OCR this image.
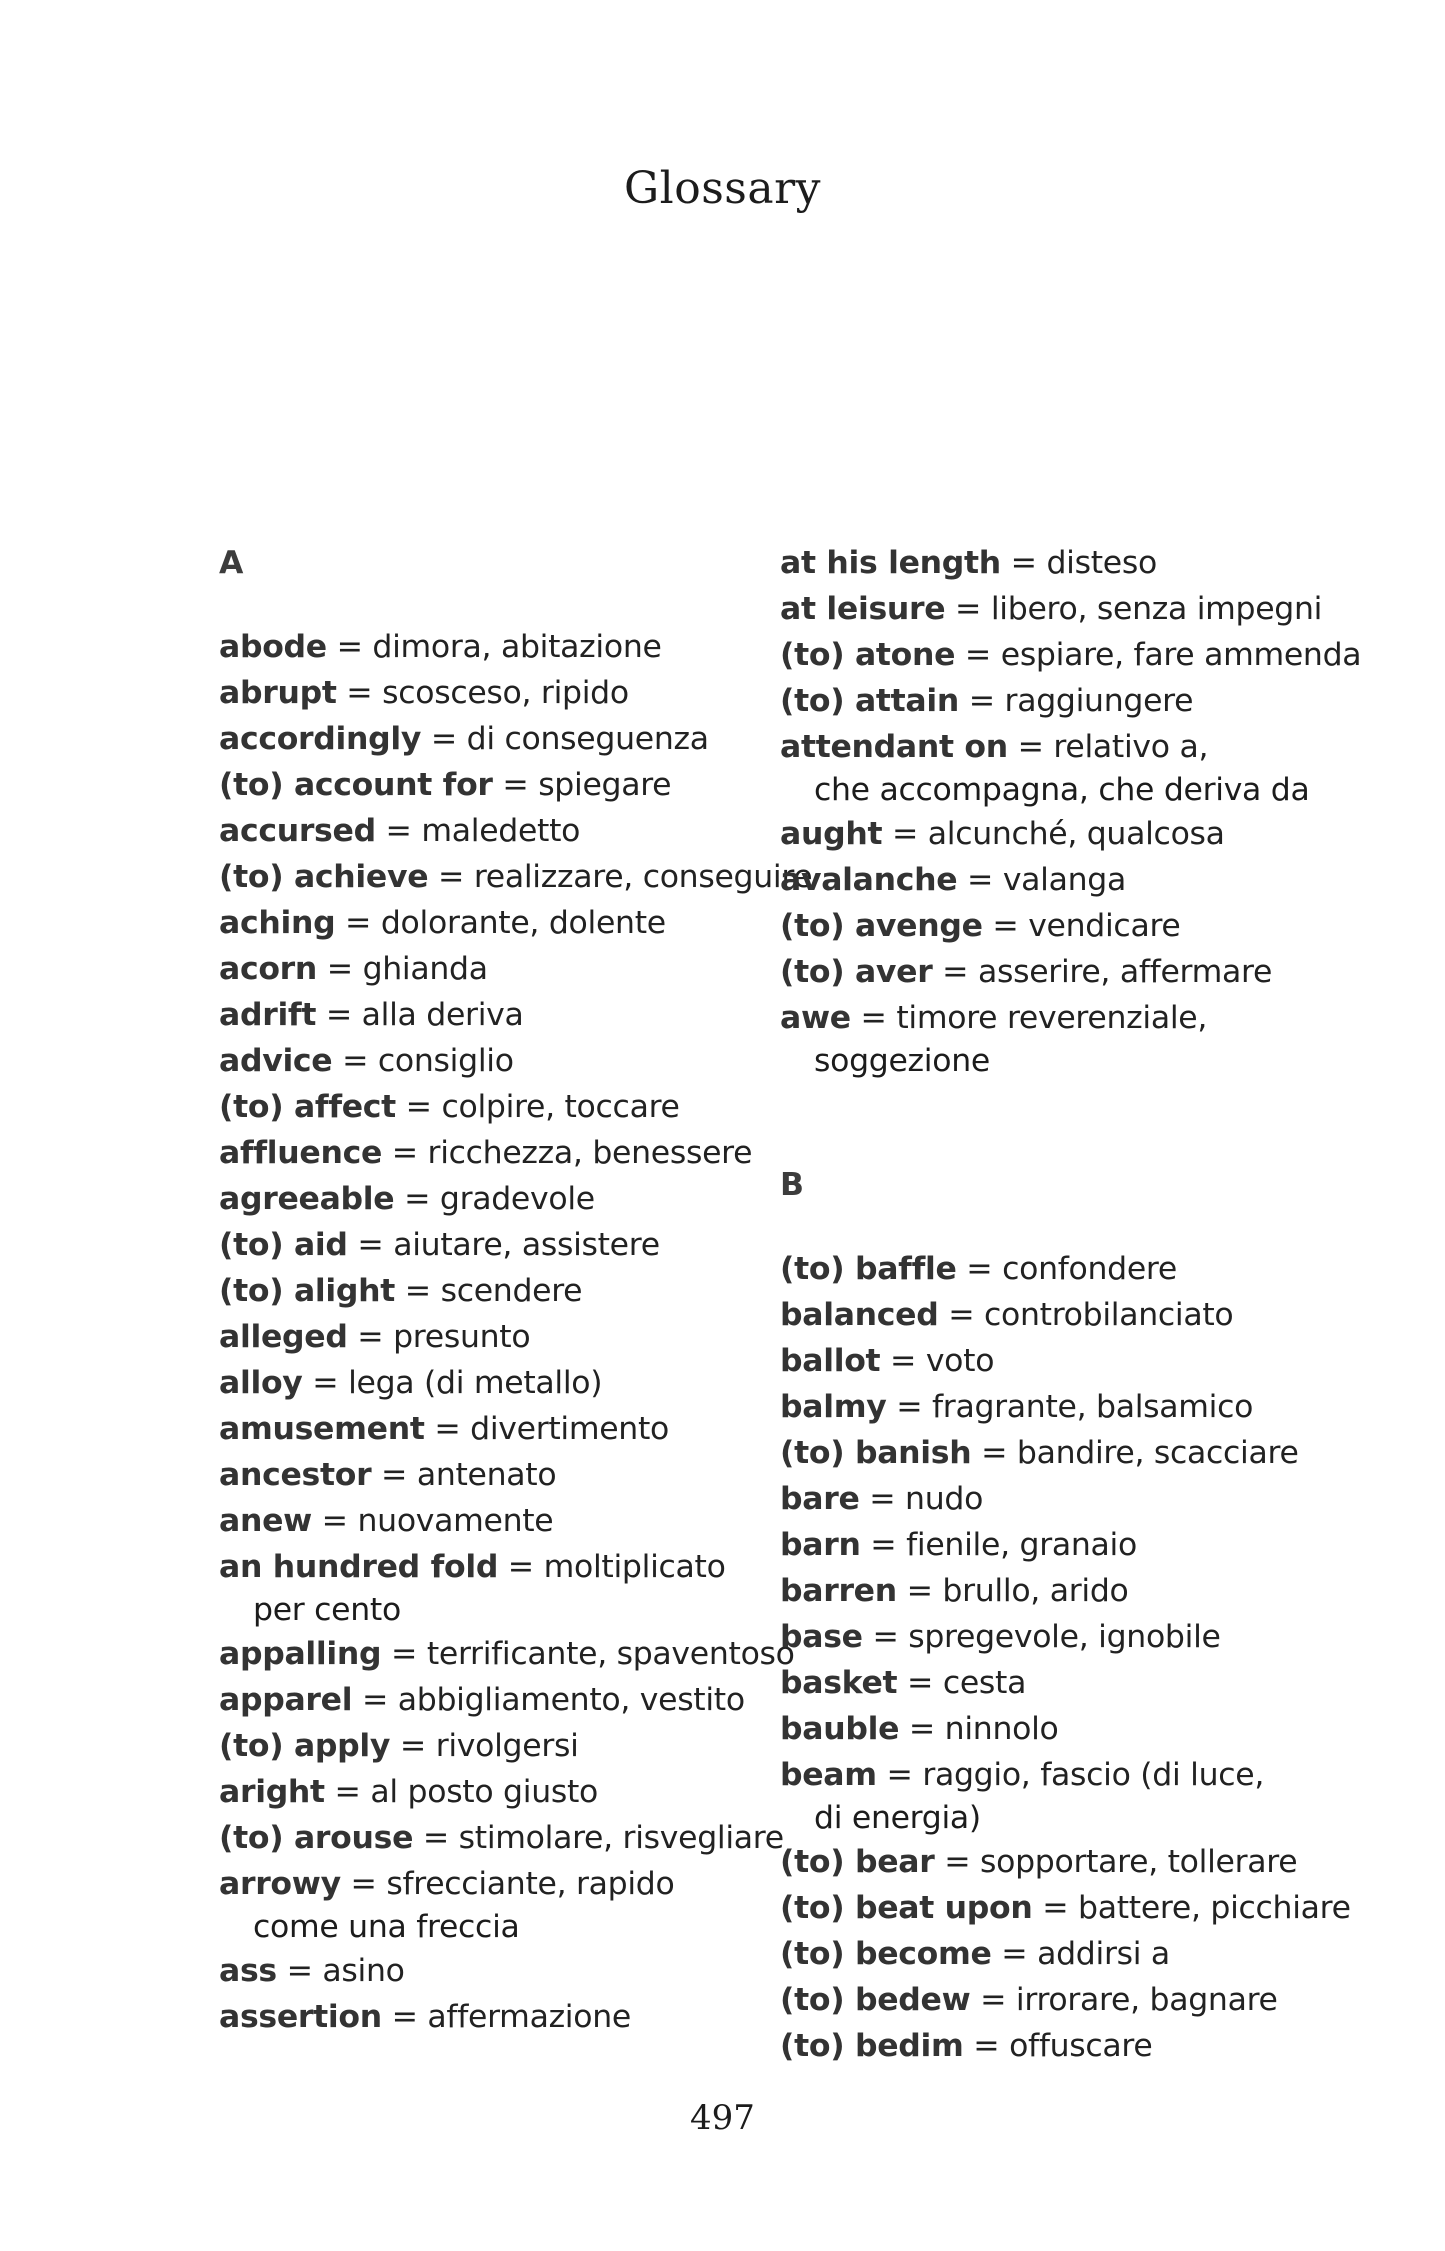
Glossary
A
abode = dimora, abitazione
abrupt = scosceso, ripido
accordingly = di conseguenza
(to) account for = spiegare
accursed = maledetto
(to) achieve = realizzare, conseguire
aching = dolorante, dolente
acorn = ghianda
adrift = alla deriva
advice = consiglio
(to) affect = colpire, toccare
affluence = ricchezza, benessere
agreeable = gradevole
(to) aid = aiutare, assistere
(to) alight = scendere
alleged = presunto
alloy = lega (di metallo)
amusement = divertimento
ancestor = antenato
anew = nuovamente
an hundred fold = moltiplicato
per cento
appalling = terrificante, spaventoso
apparel = abbigliamento, vestito
(to) apply = rivolgersi
aright = al posto giusto
(to) arouse = stimolare, risvegliare
arrowy = sfrecciante, rapido
come una freccia
ass = asino
assertion = affermazione
at his length = disteso
at leisure = libero, senza impegni
(to) atone = espiare, fare ammenda
(to) attain = raggiungere
attendant on = relativo a,
che accompagna, che deriva da
aught = alcunché, qualcosa
avalanche = valanga
(to) avenge = vendicare
(to) aver = asserire, affermare
awe = timore reverenziale,
soggezione
B
(to) baffle = confondere
balanced = controbilanciato
ballot = voto
balmy = fragrante, balsamico
(to) banish = bandire, scacciare
bare = nudo
barn = fienile, granaio
barren = brullo, arido
base = spregevole, ignobile
basket = cesta
bauble = ninnolo
beam = raggio, fascio (di luce,
di energia)
(to) bear = sopportare, tollerare
(to) beat upon = battere, picchiare
(to) become = addirsi a
(to) bedew = irrorare, bagnare
(to) bedim = offuscare
497
